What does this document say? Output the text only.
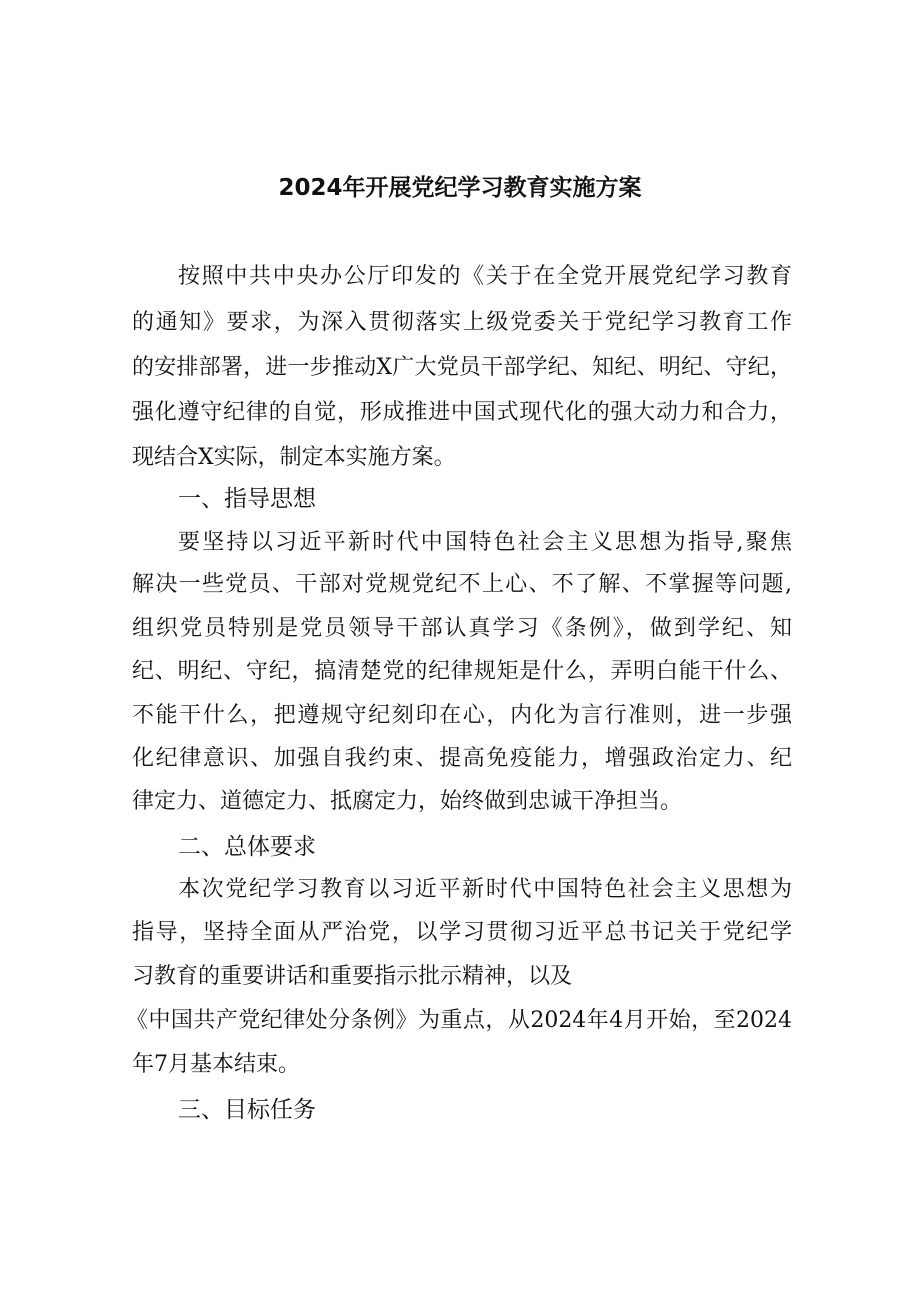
2024年开展党纪学习教育实施方案
按照中共中央办公厅印发的《关于在全党开展党纪学习教育
的通知》要求，为深入贯彻落实上级党委关于党纪学习教育工作
的安排部署，进一步推动X广大党员干部学纪、知纪、明纪、守纪，
强化遵守纪律的自觉，形成推进中国式现代化的强大动力和合力，
现结合X实际，制定本实施方案。
一、指导思想
要坚持以习近平新时代中国特色社会主义思想为指导,聚焦
解决一些党员、干部对党规党纪不上心、不了解、不掌握等问题,
组织党员特别是党员领导干部认真学习《条例》，做到学纪、知
纪、明纪、守纪，搞清楚党的纪律规矩是什么，弄明白能干什么、
不能干什么，把遵规守纪刻印在心，内化为言行准则，进一步强
化纪律意识、加强自我约束、提高免疫能力，增强政治定力、纪
律定力、道德定力、抵腐定力，始终做到忠诚干净担当。
二、总体要求
本次党纪学习教育以习近平新时代中国特色社会主义思想为
指导，坚持全面从严治党，以学习贯彻习近平总书记关于党纪学
习教育的重要讲话和重要指示批示精神，以及
《中国共产党纪律处分条例》为重点，从2024年4月开始，至2024
年7月基本结束。
三、目标任务
